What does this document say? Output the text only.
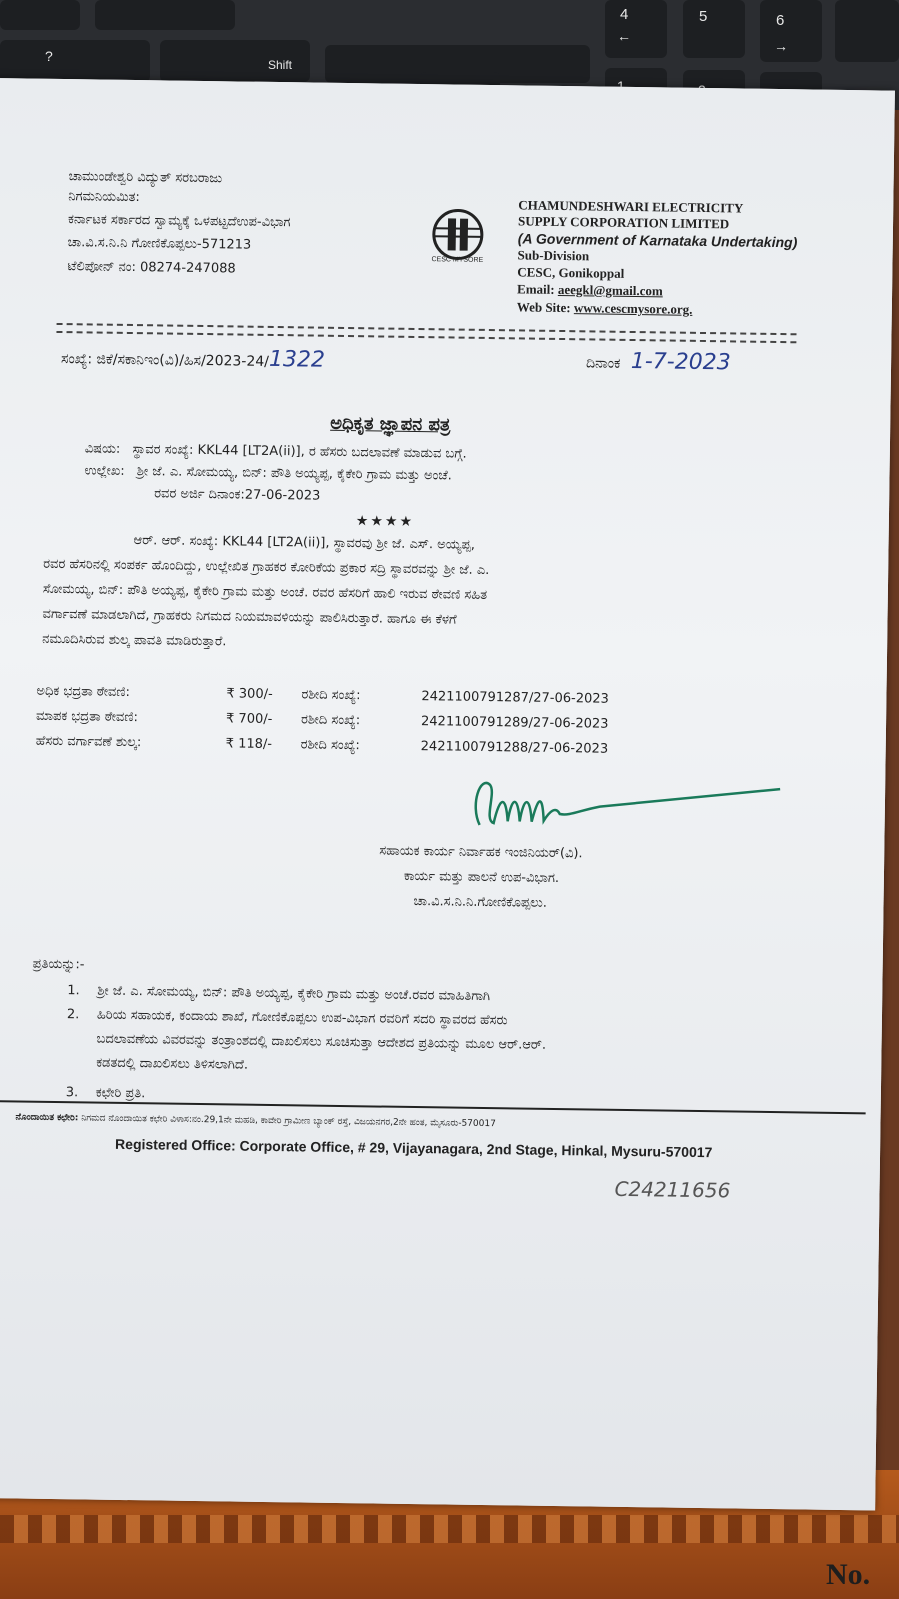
?
Shift
4
←
5	6
→
No.
ಚಾಮುಂಡೇಶ್ವರಿ ವಿದ್ಯುತ್ ಸರಬರಾಜು
ನಿಗಮನಿಯಮಿತ:
ಕರ್ನಾಟಕ ಸರ್ಕಾರದ ಸ್ವಾಮ್ಯಕ್ಕೆ ಒಳಪಟ್ಟದೆಉಪ-ವಿಭಾಗ
ಚಾ.ವಿ.ಸ.ನಿ.ನಿ ಗೋಣಿಕೊಪ್ಪಲು-571213
ಟೆಲಿಪೋನ್ ನಂ: 08274-247088	CESC MYSORE
CHAMUNDESHWARI ELECTRICITY
SUPPLY CORPORATION LIMITED
(A Government of Karnataka Undertaking)
Sub-Division
CESC, Gonikoppal
Email: aeegkl@gmail.com
Web Site: www.cescmysore.org.
ಸಂಖ್ಯೆ: ಜಿಕೆ/ಸಕಾನಿಇಂ(ವಿ)/ಹಿಸ/2023-24/1322	ದಿನಾಂಕ 1-7-2023
ಅಧಿಕೃತ ಜ್ಞಾಪನ ಪತ್ರ
ವಿಷಯ: ಸ್ಥಾವರ ಸಂಖ್ಯೆ: KKL44 [LT2A(ii)], ರ ಹೆಸರು ಬದಲಾವಣೆ ಮಾಡುವ ಬಗ್ಗೆ.
ಉಲ್ಲೇಖ: ಶ್ರೀ ಜೆ. ಎ. ಸೋಮಯ್ಯ, ಬಿನ್: ಪೌತಿ ಅಯ್ಯಪ್ಪ, ಕೈಕೇರಿ ಗ್ರಾಮ ಮತ್ತು ಅಂಚೆ.
ರವರ ಅರ್ಜಿ ದಿನಾಂಕ:27-06-2023
★★★★
ಆರ್. ಆರ್. ಸಂಖ್ಯೆ: KKL44 [LT2A(ii)], ಸ್ಥಾವರವು ಶ್ರೀ ಜೆ. ಎಸ್. ಅಯ್ಯಪ್ಪ,
ರವರ ಹೆಸರಿನಲ್ಲಿ ಸಂಪರ್ಕ ಹೊಂದಿದ್ದು, ಉಲ್ಲೇಖಿತ ಗ್ರಾಹಕರ ಕೋರಿಕೆಯ ಪ್ರಕಾರ ಸದ್ರಿ ಸ್ಥಾವರವನ್ನು ಶ್ರೀ ಜೆ. ಎ.
ಸೋಮಯ್ಯ, ಬಿನ್: ಪೌತಿ ಅಯ್ಯಪ್ಪ, ಕೈಕೇರಿ ಗ್ರಾಮ ಮತ್ತು ಅಂಚೆ. ರವರ ಹೆಸರಿಗೆ ಹಾಲಿ ಇರುವ ಠೇವಣಿ ಸಹಿತ
ವರ್ಗಾವಣೆ ಮಾಡಲಾಗಿದೆ, ಗ್ರಾಹಕರು ನಿಗಮದ ನಿಯಮಾವಳಿಯನ್ನು ಪಾಲಿಸಿರುತ್ತಾರೆ. ಹಾಗೂ ಈ ಕೆಳಗೆ
ನಮೂದಿಸಿರುವ ಶುಲ್ಕ ಪಾವತಿ ಮಾಡಿರುತ್ತಾರೆ.
ಅಧಿಕ ಭದ್ರತಾ ಠೇವಣಿ:	₹ 300/- ರಶೀದಿ ಸಂಖ್ಯೆ:	2421100791287/27-06-2023
ಮಾಪಕ ಭದ್ರತಾ ಠೇವಣಿ:	₹ 700/- ರಶೀದಿ ಸಂಖ್ಯೆ:	2421100791289/27-06-2023
ಹೆಸರು ವರ್ಗಾವಣೆ ಶುಲ್ಕ:	₹ 118/- ರಶೀದಿ ಸಂಖ್ಯೆ:	2421100791288/27-06-2023
ಸಹಾಯಕ ಕಾರ್ಯ ನಿರ್ವಾಹಕ ಇಂಜಿನಿಯರ್(ವಿ).
ಕಾರ್ಯ ಮತ್ತು ಪಾಲನೆ ಉಪ-ವಿಭಾಗ.
ಚಾ.ವಿ.ಸ.ನಿ.ನಿ.ಗೋಣಿಕೊಪ್ಪಲು.
ಪ್ರತಿಯನ್ನು:-
1.	ಶ್ರೀ ಜೆ. ಎ. ಸೋಮಯ್ಯ, ಬಿನ್: ಪೌತಿ ಅಯ್ಯಪ್ಪ, ಕೈಕೇರಿ ಗ್ರಾಮ ಮತ್ತು ಅಂಚೆ.ರವರ ಮಾಹಿತಿಗಾಗಿ
2.	ಹಿರಿಯ ಸಹಾಯಕ, ಕಂದಾಯ ಶಾಖೆ, ಗೋಣಿಕೊಪ್ಪಲು ಉಪ-ವಿಭಾಗ ರವರಿಗೆ ಸದರಿ ಸ್ಥಾವರದ ಹೆಸರು
ಬದಲಾವಣೆಯ ವಿವರವನ್ನು ತಂತ್ರಾಂಶದಲ್ಲಿ ದಾಖಲಿಸಲು ಸೂಚಿಸುತ್ತಾ ಆದೇಶದ ಪ್ರತಿಯನ್ನು ಮೂಲ ಆರ್.ಆರ್.
ಕಡತದಲ್ಲಿ ದಾಖಲಿಸಲು ತಿಳಿಸಲಾಗಿದೆ.
3.	ಕಛೇರಿ ಪ್ರತಿ.
ನೊಂದಾಯಿತ ಕಛೇರಿ: ನಿಗಮದ ನೊಂದಾಯಿತ ಕಛೇರಿ ವಿಳಾಸ:ನಂ.29,1ನೇ ಮಹಡಿ, ಕಾವೇರಿ ಗ್ರಾಮೀಣ ಬ್ಯಾಂಕ್ ರಸ್ತೆ, ವಿಜಯನಗರ,2ನೇ ಹಂತ, ಮೈಸೂರು-570017
Registered Office: Corporate Office, # 29, Vijayanagara, 2nd Stage, Hinkal, Mysuru-570017
C24211656
